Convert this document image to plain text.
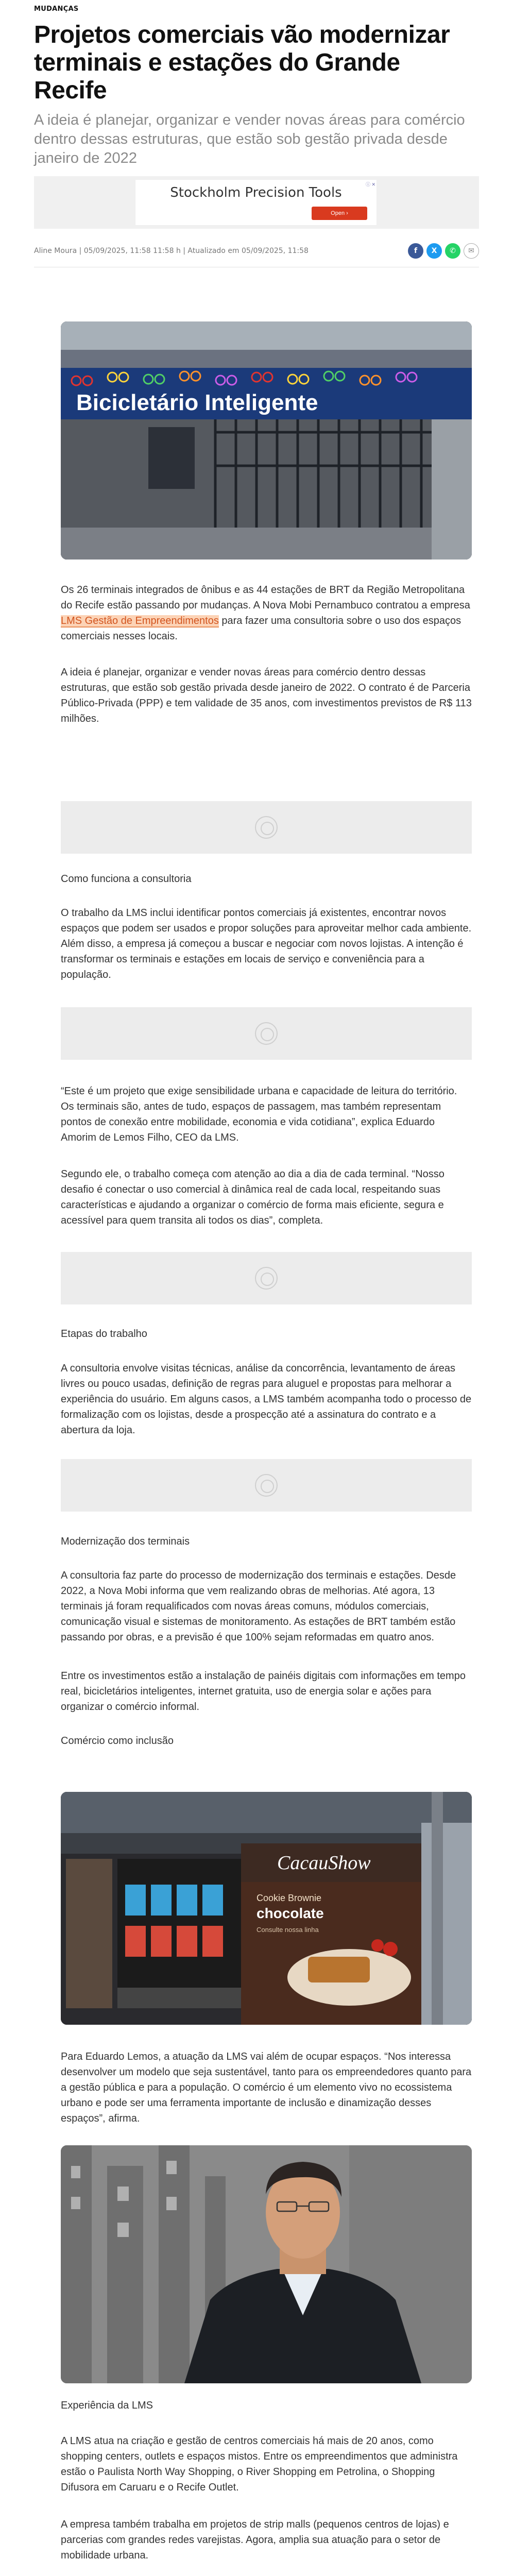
MUDANÇAS
Projetos comerciais vão modernizar terminais e estações do Grande Recife
A ideia é planejar, organizar e vender novas áreas para comércio dentro dessas estruturas, que estão sob gestão privada desde janeiro de 2022
ⓘ ✕
Stockholm Precision Tools
Open ›
Aline Moura | 05/09/2025, 11:58 11:58 h | Atualizado em 05/09/2025, 11:58	f	X	✆	✉
Bicicletário Inteligente

Os 26 terminais integrados de ônibus e as 44 estações de BRT da Região Metropolitana do Recife estão passando por mudanças. A Nova Mobi Pernambuco contratou a empresa LMS Gestão de Empreendimentos para fazer uma consultoria sobre o uso dos espaços comerciais nesses locais.

A ideia é planejar, organizar e vender novas áreas para comércio dentro dessas estruturas, que estão sob gestão privada desde janeiro de 2022. O contrato é de Parceria Público-Privada (PPP) e tem validade de 35 anos, com investimentos previstos de R$ 113 milhões.

Como funciona a consultoria

O trabalho da LMS inclui identificar pontos comerciais já existentes, encontrar novos espaços que podem ser usados e propor soluções para aproveitar melhor cada ambiente. Além disso, a empresa já começou a buscar e negociar com novos lojistas. A intenção é transformar os terminais e estações em locais de serviço e conveniência para a população.

“Este é um projeto que exige sensibilidade urbana e capacidade de leitura do território. Os terminais são, antes de tudo, espaços de passagem, mas também representam pontos de conexão entre mobilidade, economia e vida cotidiana”, explica Eduardo Amorim de Lemos Filho, CEO da LMS.

Segundo ele, o trabalho começa com atenção ao dia a dia de cada terminal. “Nosso desafio é conectar o uso comercial à dinâmica real de cada local, respeitando suas características e ajudando a organizar o comércio de forma mais eficiente, segura e acessível para quem transita ali todos os dias”, completa.

Etapas do trabalho

A consultoria envolve visitas técnicas, análise da concorrência, levantamento de áreas livres ou pouco usadas, definição de regras para aluguel e propostas para melhorar a experiência do usuário. Em alguns casos, a LMS também acompanha todo o processo de formalização com os lojistas, desde a prospecção até a assinatura do contrato e a abertura da loja.

Modernização dos terminais

A consultoria faz parte do processo de modernização dos terminais e estações. Desde 2022, a Nova Mobi informa que vem realizando obras de melhorias. Até agora, 13 terminais já foram requalificados com novas áreas comuns, módulos comerciais, comunicação visual e sistemas de monitoramento. As estações de BRT também estão passando por obras, e a previsão é que 100% sejam reformadas em quatro anos.

Entre os investimentos estão a instalação de painéis digitais com informações em tempo real, bicicletários inteligentes, internet gratuita, uso de energia solar e ações para organizar o comércio informal.

Comércio como inclusão
CacauShow
Cookie Brownie
chocolate
Consulte nossa linha

Para Eduardo Lemos, a atuação da LMS vai além de ocupar espaços. “Nos interessa desenvolver um modelo que seja sustentável, tanto para os empreendedores quanto para a gestão pública e para a população. O comércio é um elemento vivo no ecossistema urbano e pode ser uma ferramenta importante de inclusão e dinamização desses espaços”, afirma.

Experiência da LMS

A LMS atua na criação e gestão de centros comerciais há mais de 20 anos, como shopping centers, outlets e espaços mistos. Entre os empreendimentos que administra estão o Paulista North Way Shopping, o River Shopping em Petrolina, o Shopping Difusora em Caruaru e o Recife Outlet.

A empresa também trabalha em projetos de strip malls (pequenos centros de lojas) e parcerias com grandes redes varejistas. Agora, amplia sua atuação para o setor de mobilidade urbana.
